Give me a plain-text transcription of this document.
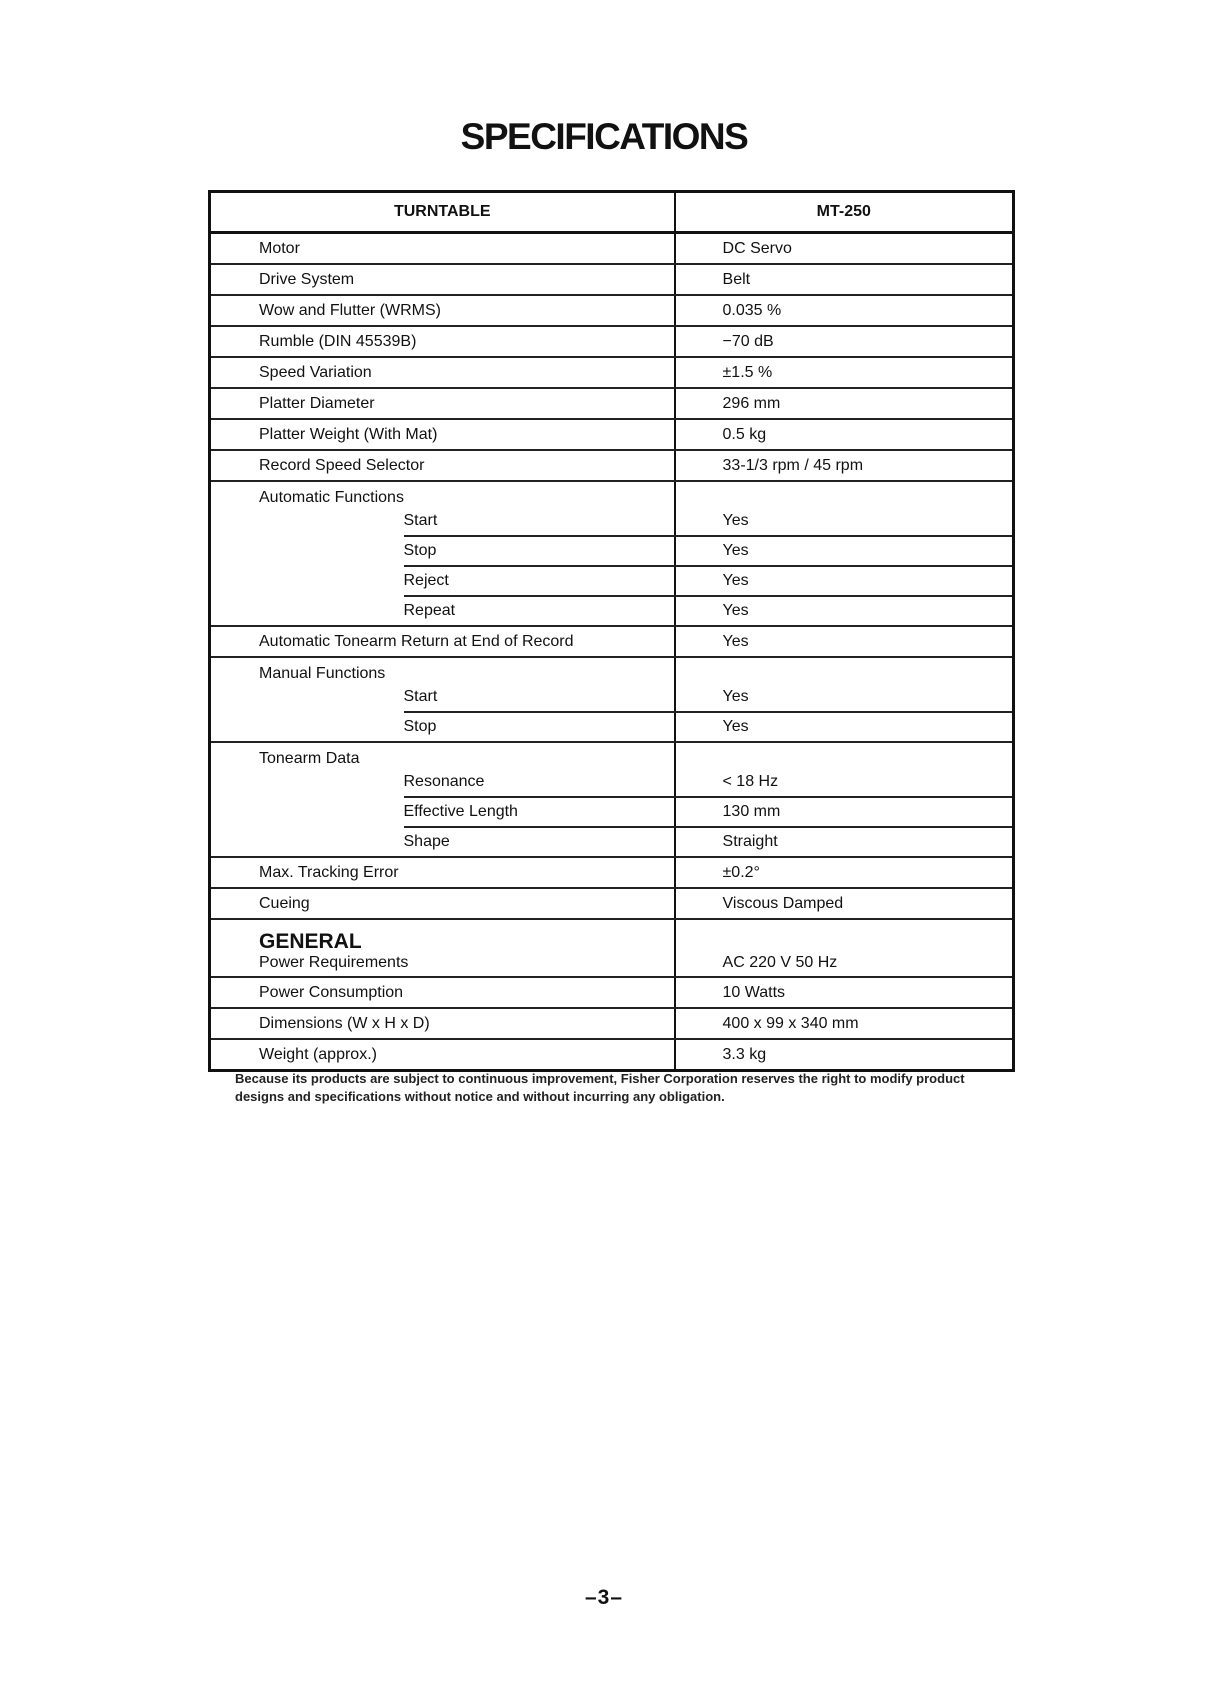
SPECIFICATIONS
TURNTABLE		MT-250
Motor		DC Servo
Drive System		Belt
Wow and Flutter (WRMS)		0.035 %
Rumble (DIN 45539B)		−70 dB
Speed Variation		±1.5 %
Platter Diameter		296 mm
Platter Weight (With Mat)		0.5 kg
Record Speed Selector		33-1/3 rpm / 45 rpm
Automatic Functions		
	Start	Yes
	Stop	Yes
	Reject	Yes
	Repeat	Yes
Automatic Tonearm Return at End of Record		Yes
Manual Functions		
	Start	Yes
	Stop	Yes
Tonearm Data		
	Resonance	< 18 Hz
	Effective Length	130 mm
	Shape	Straight
Max. Tracking Error		±0.2°
Cueing		Viscous Damped

GENERAL
Power Requirements		AC 220 V 50 Hz
Power Consumption		10 Watts
Dimensions (W x H x D)		400 x 99 x 340 mm
Weight (approx.)		3.3 kg
Because its products are subject to continuous improvement, Fisher Corporation reserves the right to modify product designs and specifications without notice and without incurring any obligation.
–3–
